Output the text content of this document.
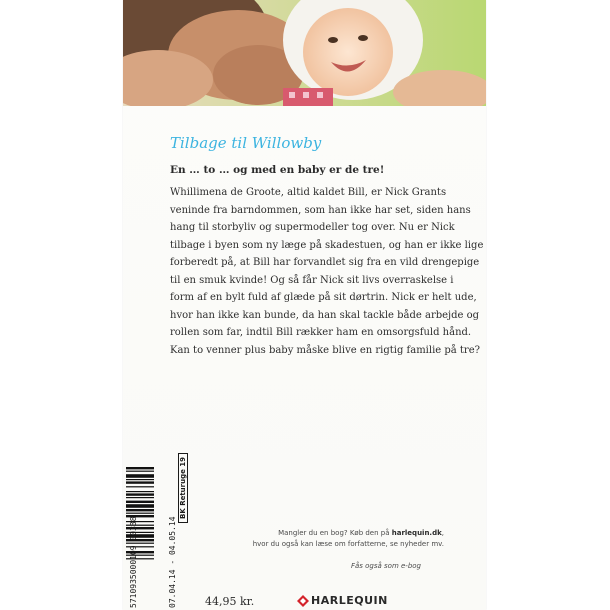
Tilbage til Willowby
En … to … og med en baby er de tre!
Whillimena de Groote, altid kaldet Bill, er Nick Grants
veninde fra barndommen, som han ikke har set, siden hans
hang til storbyliv og supermodeller tog over. Nu er Nick
tilbage i byen som ny læge på skadestuen, og han er ikke lige
forberedt på, at Bill har forvandlet sig fra en vild drengepige
til en smuk kvinde! Og så får Nick sit livs overraskelse i
form af en bylt fuld af glæde på sit dørtrin. Nick er helt ude,
hvor han ikke kan bunde, da han skal tackle både arbejde og
rollen som far, indtil Bill rækker ham en omsorgsfuld hånd.
Kan to venner plus baby måske blive en rigtig familie på tre?
5710935000109 00338	07.04.14 - 04.05.14
BK Returuge 19
Mangler du en bog? Køb den på harlequin.dk,
hvor du også kan læse om forfatterne, se nyheder mv.
Fås også som e-bog
44,95 kr.	HARLEQUIN
